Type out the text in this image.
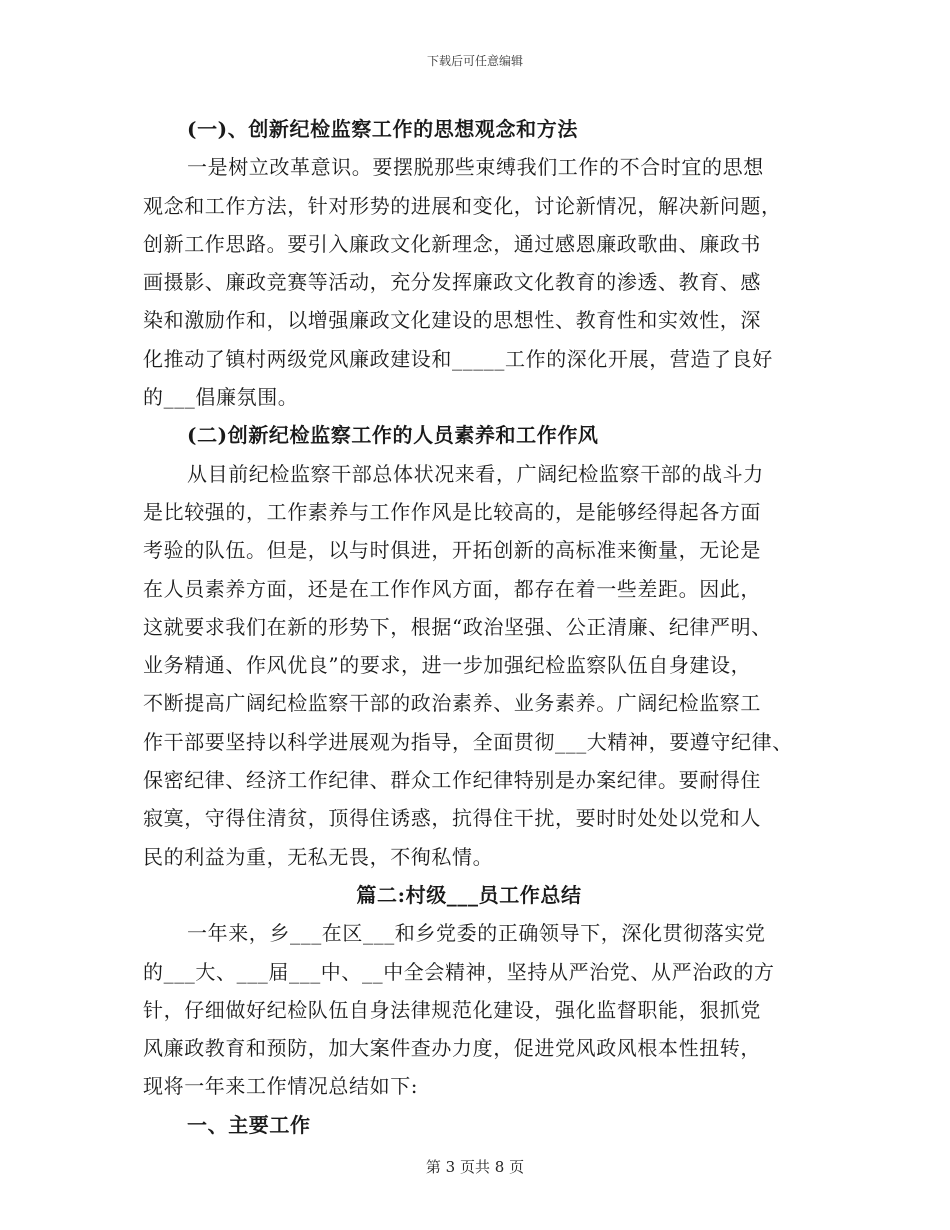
下载后可任意编辑
(一)、创新纪检监察工作的思想观念和方法
一是树立改革意识。要摆脱那些束缚我们工作的不合时宜的思想
观念和工作方法，针对形势的进展和变化，讨论新情况，解决新问题，
创新工作思路。要引入廉政文化新理念，通过感恩廉政歌曲、廉政书
画摄影、廉政竞赛等活动，充分发挥廉政文化教育的渗透、教育、感
染和激励作和，以增强廉政文化建设的思想性、教育性和实效性，深
化推动了镇村两级党风廉政建设和_____工作的深化开展，营造了良好
的___倡廉氛围。
(二)创新纪检监察工作的人员素养和工作作风
从目前纪检监察干部总体状况来看，广阔纪检监察干部的战斗力
是比较强的，工作素养与工作作风是比较高的，是能够经得起各方面
考验的队伍。但是，以与时俱进，开拓创新的高标准来衡量，无论是
在人员素养方面，还是在工作作风方面，都存在着一些差距。因此，
这就要求我们在新的形势下，根据“政治坚强、公正清廉、纪律严明、
业务精通、作风优良”的要求，进一步加强纪检监察队伍自身建设，
不断提高广阔纪检监察干部的政治素养、业务素养。广阔纪检监察工
作干部要坚持以科学进展观为指导，全面贯彻___大精神，要遵守纪律、
保密纪律、经济工作纪律、群众工作纪律特别是办案纪律。要耐得住
寂寞，守得住清贫，顶得住诱惑，抗得住干扰，要时时处处以党和人
民的利益为重，无私无畏，不徇私情。
篇二:村级___员工作总结
一年来，乡___在区___和乡党委的正确领导下，深化贯彻落实党
的___大、___届___中、__中全会精神，坚持从严治党、从严治政的方
针，仔细做好纪检队伍自身法律规范化建设，强化监督职能，狠抓党
风廉政教育和预防，加大案件查办力度，促进党风政风根本性扭转，
现将一年来工作情况总结如下:
一、主要工作
第 3 页共 8 页
